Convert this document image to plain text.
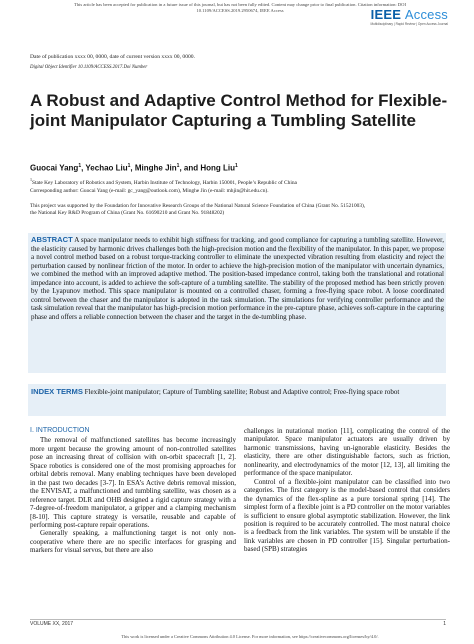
This article has been accepted for publication in a future issue of this journal, but has not been fully edited. Content may change prior to final publication. Citation information: DOI
10.1109/ACCESS.2019.2950674, IEEE Access	IEEE Access
Multidisciplinary | Rapid Review | Open Access Journal
Date of publication xxxx 00, 0000, date of current version xxxx 00, 0000.
Digital Object Identifier 10.1109/ACCESS.2017.Doi Number
A Robust and Adaptive Control Method for Flexible-joint Manipulator Capturing a Tumbling Satellite
Guocai Yang$^1$, Yechao Liu$^1$, Minghe Jin$^1$, and Hong Liu$^1$
$^1$State Key Laboratory of Robotics and System, Harbin Institute of Technology, Harbin 150001, People’s Republic of China
Corresponding author: Guocai Yang (e-mail: gc_yang@outlook.com), Minghe Jin (e-mail: mhjin@hit.edu.cn).
This project was supported by the Foundation for Innovative Research Groups of the National Natural Science Foundation of China (Grant No. 51521003),
the National Key R&D Program of China (Grant No. 61690210 and Grant No. 91848202)
ABSTRACT A space manipulator needs to exhibit high stiffness for tracking, and good compliance for capturing a tumbling satellite. However, the elasticity caused by harmonic drives challenges both the high-precision motion and the flexibility of the manipulator. In this paper, we propose a novel control method based on a robust torque-tracking controller to eliminate the unexpected vibration resulting from elasticity and reject the perturbation caused by nonlinear friction of the motor. In order to achieve the high-precision motion of the manipulator with uncertain dynamics, we combined the method with an improved adaptive method. The position-based impedance control, taking both the translational and rotational impedance into account, is added to achieve the soft-capture of a tumbling satellite. The stability of the proposed method has been strictly proven by the Lyapunov method. This space manipulator is mounted on a controlled chaser, forming a free-flying space robot. A loose coordinated control between the chaser and the manipulator is adopted in the task simulation. The simulations for verifying controller performance and the task simulation reveal that the manipulator has high-precision motion performance in the pre-capture phase, achieves soft-capture in the capturing phase and offers a reliable connection between the chaser and the target in the de-tumbling phase.
INDEX TERMS Flexible-joint manipulator; Capture of Tumbling satellite; Robust and Adaptive control; Free-flying space robot
I. INTRODUCTION

The removal of malfunctioned satellites has become increasingly more urgent because the growing amount of non-controlled satellites pose an increasing threat of collision with on-orbit spacecraft [1, 2]. Space robotics is considered one of the most promising approaches for orbital debris removal. Many enabling techniques have been developed in the past two decades [3-7]. In ESA’s Active debris removal mission, the ENVISAT, a malfunctioned and tumbling satellite, was chosen as a reference target. DLR and OHB designed a rigid capture strategy with a 7-degree-of-freedom manipulator, a gripper and a clamping mechanism [8-10]. This capture strategy is versatile, reusable and capable of performing post-capture repair operations.

Generally speaking, a malfunctioning target is not only non-cooperative where there are no specific interfaces for grasping and markers for visual servos, but there are also

challenges in nutational motion [11], complicating the control of the manipulator. Space manipulator actuators are usually driven by harmonic transmissions, having un-ignorable elasticity. Besides the elasticity, there are other distinguishable factors, such as friction, nonlinearity, and electrodynamics of the motor [12, 13], all limiting the performance of the space manipulator.

Control of a flexible-joint manipulator can be classified into two categories. The first category is the model-based control that considers the dynamics of the flex-spline as a pure torsional spring [14]. The simplest form of a flexible joint is a PD controller on the motor variables is sufficient to ensure global asymptotic stabilization. However, the link position is required to be accurately controlled. The most natural choice is a feedback from the link variables. The system will be unstable if the link variables are chosen in PD controller [15]. Singular perturbation-based (SPB) strategies

VOLUME XX, 2017	1
This work is licensed under a Creative Commons Attribution 4.0 License. For more information, see https://creativecommons.org/licenses/by/4.0/.
